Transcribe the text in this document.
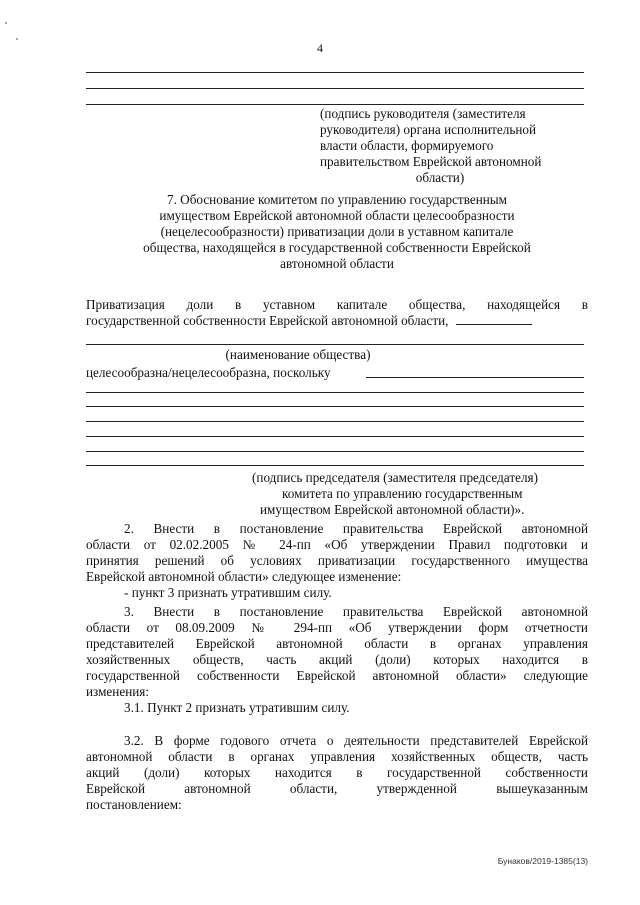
4
(подпись руководителя (заместителя
руководителя) органа исполнительной
власти области, формируемого
правительством Еврейской автономной
области)
7. Обоснование комитетом по управлению государственным
имуществом Еврейской автономной области целесообразности
(нецелесообразности) приватизации доли в уставном капитале
общества, находящейся в государственной собственности Еврейской
автономной области
Приватизация доли в уставном капитале общества, находящейся в
государственной собственности Еврейской автономной области,
(наименование общества)
целесообразна/нецелесообразна, поскольку
(подпись председателя (заместителя председателя)
комитета по управлению государственным
имуществом Еврейской автономной области)».
2. Внести в постановление правительства Еврейской автономной
области от 02.02.2005 № 24-пп «Об утверждении Правил подготовки и
принятия решений об условиях приватизации государственного имущества
Еврейской автономной области» следующее изменение:
- пункт 3 признать утратившим силу.
3. Внести в постановление правительства Еврейской автономной
области от 08.09.2009 № 294-пп «Об утверждении форм отчетности
представителей Еврейской автономной области в органах управления
хозяйственных обществ, часть акций (доли) которых находится в
государственной собственности Еврейской автономной области» следующие
изменения:
3.1. Пункт 2 признать утратившим силу.
3.2. В форме годового отчета о деятельности представителей Еврейской
автономной области в органах управления хозяйственных обществ, часть
акций (доли) которых находится в государственной собственности
Еврейской автономной области, утвержденной вышеуказанным
постановлением:
Бунаков/2019-1385(13)
